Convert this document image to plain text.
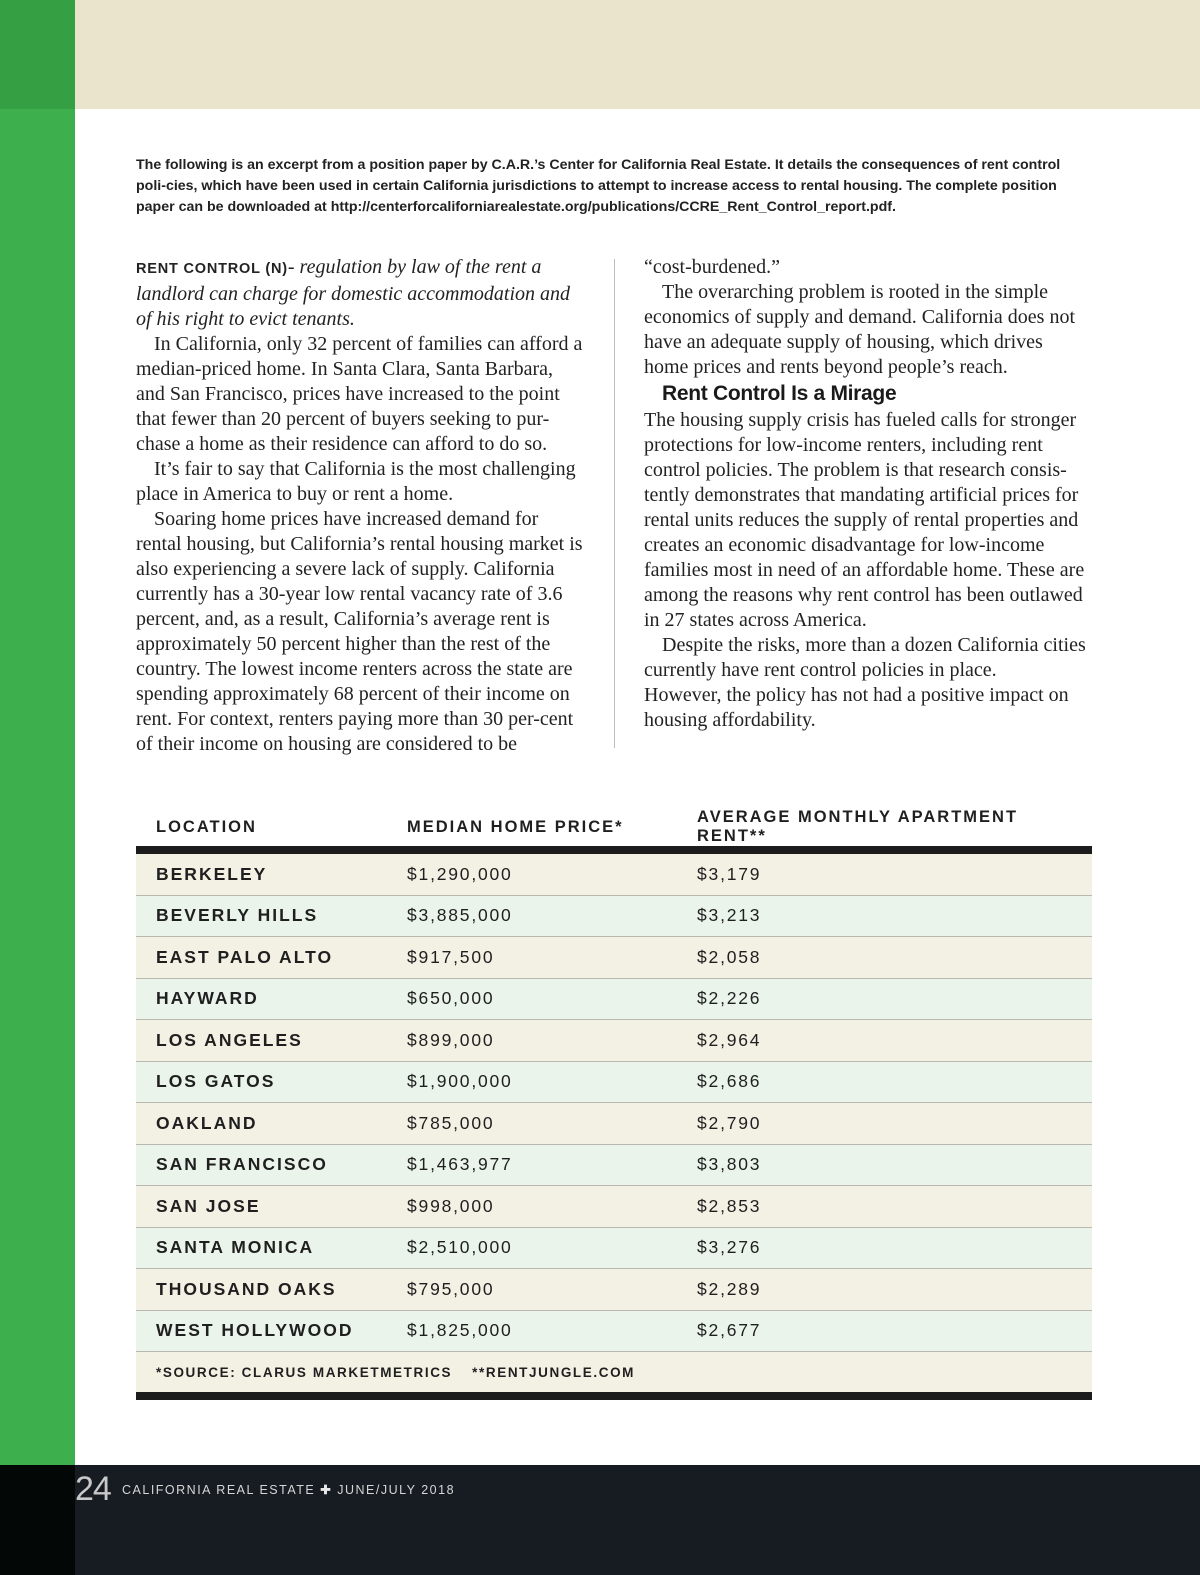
The following is an excerpt from a position paper by C.A.R.’s Center for California Real Estate. It details the consequences of rent control poli-cies, which have been used in certain California jurisdictions to attempt to increase access to rental housing. The complete position paper can be downloaded at http://centerforcaliforniarealestate.org/publications/CCRE_Rent_Control_report.pdf.

RENT CONTROL (N)- regulation by law of the rent a landlord can charge for domestic accommodation and of his right to evict tenants.

In California, only 32 percent of families can afford a median-priced home. In Santa Clara, Santa Barbara, and San Francisco, prices have increased to the point that fewer than 20 percent of buyers seeking to pur-chase a home as their residence can afford to do so.

It’s fair to say that California is the most challenging place in America to buy or rent a home.

Soaring home prices have increased demand for rental housing, but California’s rental housing market is also experiencing a severe lack of supply. California currently has a 30-year low rental vacancy rate of 3.6 percent, and, as a result, California’s average rent is approximately 50 percent higher than the rest of the country. The lowest income renters across the state are spending approximately 68 percent of their income on rent. For context, renters paying more than 30 per-cent of their income on housing are considered to be

“cost-burdened.”

The overarching problem is rooted in the simple economics of supply and demand. California does not have an adequate supply of housing, which drives home prices and rents beyond people’s reach.

Rent Control Is a Mirage

The housing supply crisis has fueled calls for stronger protections for low-income renters, including rent control policies. The problem is that research consis-tently demonstrates that mandating artificial prices for rental units reduces the supply of rental properties and creates an economic disadvantage for low-income families most in need of an affordable home. These are among the reasons why rent control has been outlawed in 27 states across America.

Despite the risks, more than a dozen California cities currently have rent control policies in place.

However, the policy has not had a positive impact on housing affordability.

LOCATION	MEDIAN HOME PRICE*	AVERAGE MONTHLY APARTMENT RENT**
BERKELEY	$1,290,000	$3,179
BEVERLY HILLS	$3,885,000	$3,213
EAST PALO ALTO	$917,500	$2,058
HAYWARD	$650,000	$2,226
LOS ANGELES	$899,000	$2,964
LOS GATOS	$1,900,000	$2,686
OAKLAND	$785,000	$2,790
SAN FRANCISCO	$1,463,977	$3,803
SAN JOSE	$998,000	$2,853
SANTA MONICA	$2,510,000	$3,276
THOUSAND OAKS	$795,000	$2,289
WEST HOLLYWOOD	$1,825,000	$2,677
*SOURCE: CLARUS MARKETMETRICS **RENTJUNGLE.COM
24 CALIFORNIA REAL ESTATE ✚ JUNE/JULY 2018
